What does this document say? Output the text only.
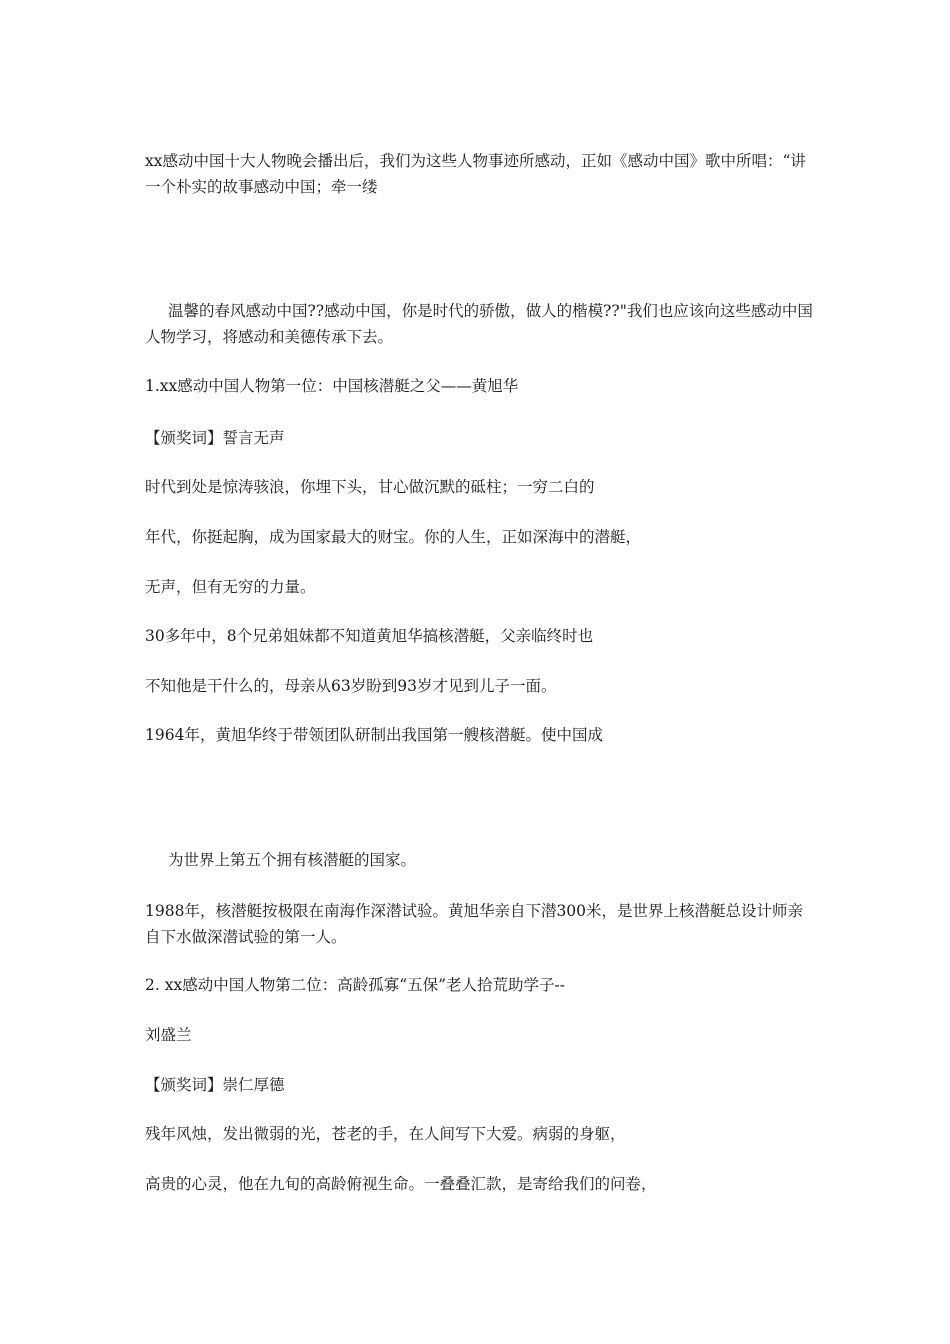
xx感动中国十大人物晚会播出后，我们为这些人物事迹所感动，正如《感动中国》歌中所唱：“讲一个朴实的故事感动中国；牵一缕

温馨的春风感动中国??感动中国，你是时代的骄傲，做人的楷模??"我们也应该向这些感动中国人物学习，将感动和美德传承下去。

1.xx感动中国人物第一位：中国核潜艇之父——黄旭华

【颁奖词】誓言无声

时代到处是惊涛骇浪，你埋下头，甘心做沉默的砥柱；一穷二白的

年代，你挺起胸，成为国家最大的财宝。你的人生，正如深海中的潜艇，

无声，但有无穷的力量。

30多年中，8个兄弟姐妹都不知道黄旭华搞核潜艇，父亲临终时也

不知他是干什么的，母亲从63岁盼到93岁才见到儿子一面。

1964年，黄旭华终于带领团队研制出我国第一艘核潜艇。使中国成

为世界上第五个拥有核潜艇的国家。

1988年，核潜艇按极限在南海作深潜试验。黄旭华亲自下潜300米，是世界上核潜艇总设计师亲自下水做深潜试验的第一人。

2. xx感动中国人物第二位：高龄孤寡“五保”老人拾荒助学子--

刘盛兰

【颁奖词】崇仁厚德

残年风烛，发出微弱的光，苍老的手，在人间写下大爱。病弱的身躯，

高贵的心灵，他在九旬的高龄俯视生命。一叠叠汇款，是寄给我们的问卷，
